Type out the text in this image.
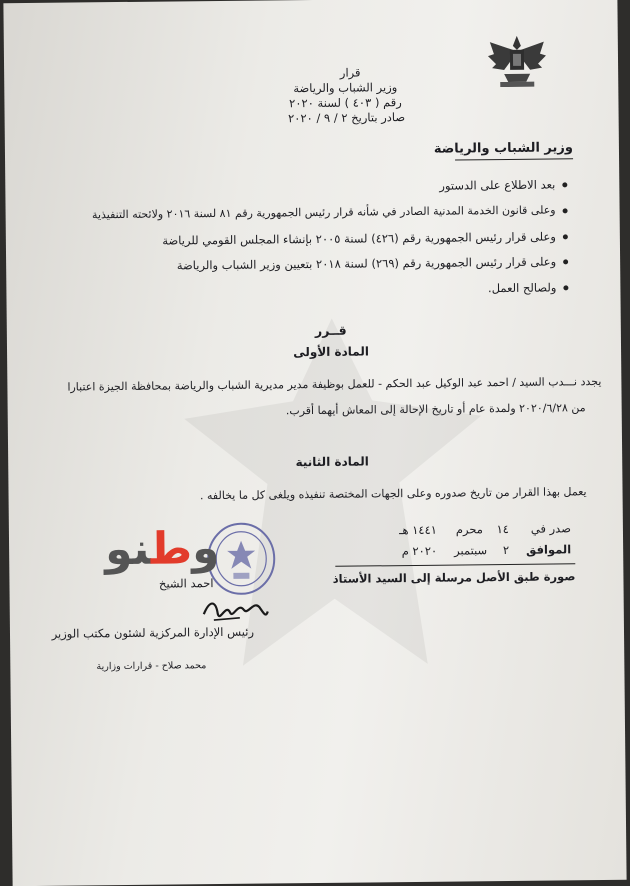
قرار
وزير الشباب والرياضة
رقم ( ٤٠٣ ) لسنة ٢٠٢٠
صادر بتاريخ ٢ / ٩ / ٢٠٢٠
وزير الشباب والرياضة
بعد الاطلاع على الدستور
وعلى قانون الخدمة المدنية الصادر في شأنه قرار رئيس الجمهورية رقم ٨١ لسنة ٢٠١٦ ولائحته التنفيذية
وعلى قرار رئيس الجمهورية رقم (٤٢٦) لسنة ٢٠٠٥ بإنشاء المجلس القومي للرياضة
وعلى قرار رئيس الجمهورية رقم (٢٦٩) لسنة ٢٠١٨ بتعيين وزير الشباب والرياضة
ولصالح العمل.
قــرر
المادة الأولى
يجدد نـــدب السيد / احمد عبد الوكيل عبد الحكم - للعمل بوظيفة مدير مديرية الشباب والرياضة بمحافظة الجيزة اعتبارا
من ٢٠٢٠/٦/٢٨ ولمدة عام أو تاريخ الإحالة إلى المعاش أيهما أقرب.
المادة الثانية
يعمل بهذا القرار من تاريخ صدوره وعلى الجهات المختصة تنفيذه ويلغى كل ما يخالفه .
صدر في
١٤
محرم
١٤٤١ هـ
الموافق
٢
سبتمبر
٢٠٢٠ م
صورة طبق الأصل مرسلة إلى السيد الأستاذ
احمد الشيخ
رئيس الإدارة المركزية لشئون مكتب الوزير
وطنو
محمد صلاح - قرارات وزارية
